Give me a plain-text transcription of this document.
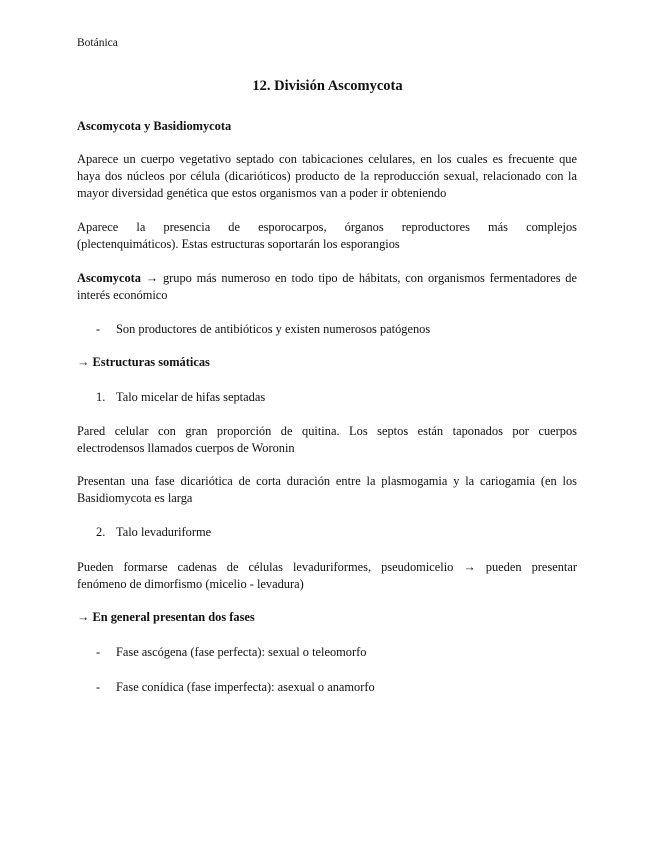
Botánica
12. División Ascomycota
Ascomycota y Basidiomycota
Aparece un cuerpo vegetativo septado con tabicaciones celulares, en los cuales es frecuente que haya dos núcleos por célula (dicarióticos) producto de la reproducción sexual, relacionado con la mayor diversidad genética que estos organismos van a poder ir obteniendo
Aparece la presencia de esporocarpos, órganos reproductores más complejos
(plectenquimáticos). Estas estructuras soportarán los esporangios
Ascomycota → grupo más numeroso en todo tipo de hábitats, con organismos fermentadores de interés económico
- Son productores de antibióticos y existen numerosos patógenos
→ Estructuras somáticas
1. Talo micelar de hifas septadas
Pared celular con gran proporción de quitina. Los septos están taponados por cuerpos
electrodensos llamados cuerpos de Woronin
Presentan una fase dicariótica de corta duración entre la plasmogamia y la cariogamia (en los
Basidiomycota es larga
2. Talo levaduriforme
Pueden formarse cadenas de células levaduriformes, pseudomicelio → pueden presentar
fenómeno de dimorfismo (micelio - levadura)
→ En general presentan dos fases
- Fase ascógena (fase perfecta): sexual o teleomorfo
- Fase conídica (fase imperfecta): asexual o anamorfo
